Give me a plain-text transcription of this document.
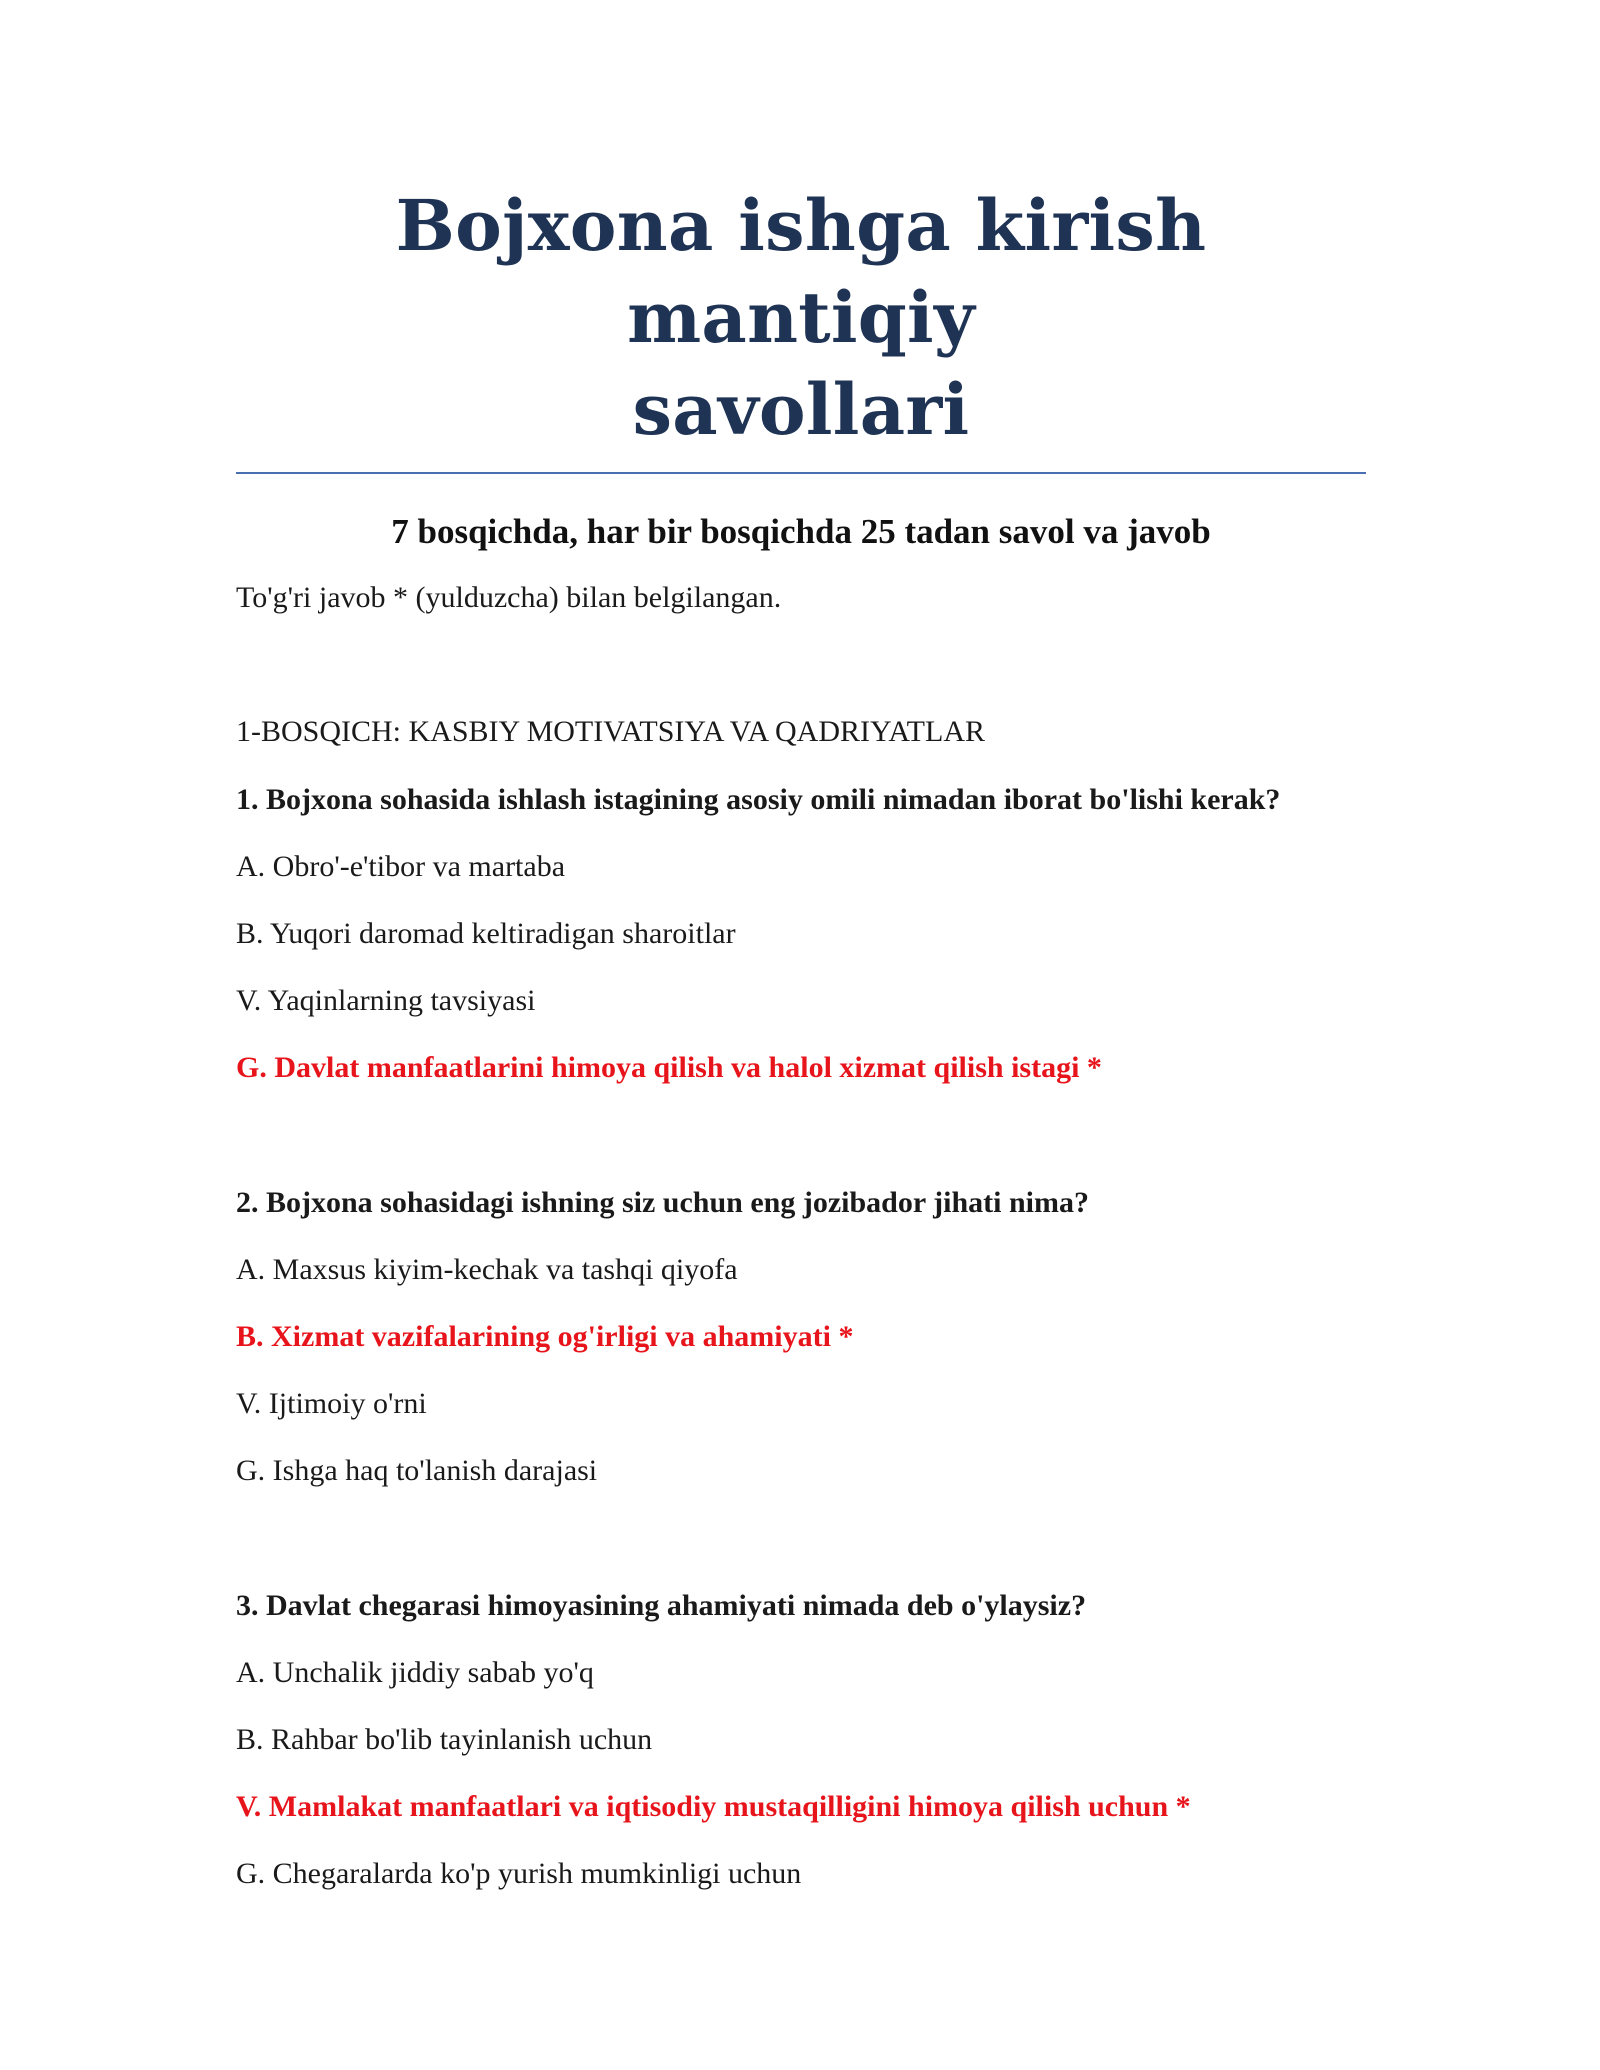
Bojxona ishga kirish mantiqiy
savollari

7 bosqichda, har bir bosqichda 25 tadan savol va javob

To'g'ri javob * (yulduzcha) bilan belgilangan.

1-BOSQICH: KASBIY MOTIVATSIYA VA QADRIYATLAR

1. Bojxona sohasida ishlash istagining asosiy omili nimadan iborat bo'lishi kerak?

A. Obro'-e'tibor va martaba

B. Yuqori daromad keltiradigan sharoitlar

V. Yaqinlarning tavsiyasi

G. Davlat manfaatlarini himoya qilish va halol xizmat qilish istagi *

2. Bojxona sohasidagi ishning siz uchun eng jozibador jihati nima?

A. Maxsus kiyim-kechak va tashqi qiyofa

B. Xizmat vazifalarining og'irligi va ahamiyati *

V. Ijtimoiy o'rni

G. Ishga haq to'lanish darajasi

3. Davlat chegarasi himoyasining ahamiyati nimada deb o'ylaysiz?

A. Unchalik jiddiy sabab yo'q

B. Rahbar bo'lib tayinlanish uchun

V. Mamlakat manfaatlari va iqtisodiy mustaqilligini himoya qilish uchun *

G. Chegaralarda ko'p yurish mumkinligi uchun
